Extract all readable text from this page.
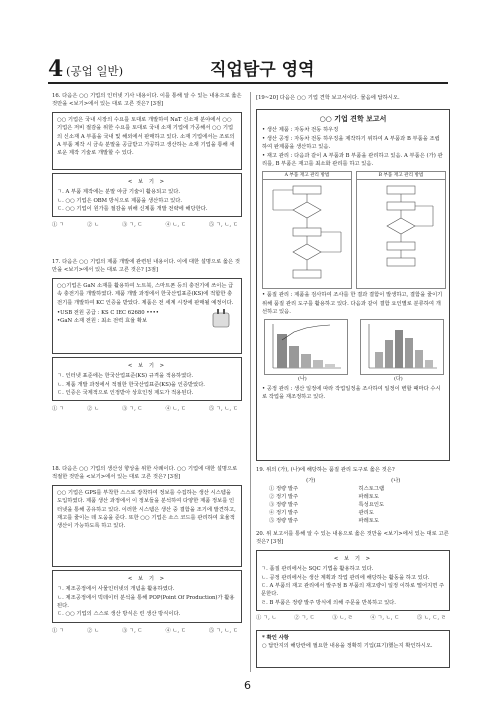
4 (공업 일반)	직업탐구 영역
16. 다음은 ○○ 기업의 인터넷 기사 내용이다. 이를 통해 알 수 있는 내용으로 옳은 것만을 <보기>에서 있는 대로 고른 것은? [3점]
○○ 기업은 국내 시장의 수요를 토대로 개발하여 NaT 신소재 분야에서 ○○ 기업은 저비 절감을 위한 수요를 토대로 국내 소재 기업에 가공해서 ○○ 기업의 신소재 A 부품을 국내 및 해외에서 판매하고 있다. 소재 기업에서는 조로의 A 부품 제작 시 금속 분말을 공급받고 가공하고 생산하는 소재 기업을 통해 새로운 제작 기술로 개발할 수 있다.
< 보 기 >
ㄱ. A 부품 제작에는 분말 야금 기술이 활용되고 있다.
ㄴ. ○○ 기업은 OBM 방식으로 제품을 생산하고 있다.
ㄷ. ○○ 기업이 원가를 절감을 위해 신제품 개발 전략에 해당한다.
① ㄱ	② ㄴ	③ ㄱ, ㄷ	④ ㄴ, ㄷ	⑤ ㄱ, ㄴ, ㄷ
17. 다음은 ○○ 기업의 제품 개발에 관련된 내용이다. 이에 대한 설명으로 옳은 것만을 <보기>에서 있는 대로 고른 것은? [3점]
○○기업은 GaN 소재를 활용하여 노트북, 스마트폰 등의 충전기에 쓰이는 급속 충전기를 개발하였다. 제품 개발 과정에서 한국산업표준(KS)에 적합한 충전기를 개발하여 KC 인증을 받았다. 제품은 전 세계 시장에 판매될 예정이다.
•USB 전원 공급 : KS C IEC 62680 ••••
•GaN 소재 전원 : 최소 전력 효율 확보
< 보 기 >
ㄱ. 인터넷 표준에는 한국산업표준(KS) 규격을 적용하였다.
ㄴ. 제품 개발 과정에서 적절한 한국산업표준(KS)을 인증받았다.
ㄷ. 인증은 국제적으로 인정받아 상호인정 제도가 적용된다.
① ㄱ	② ㄴ	③ ㄱ, ㄷ	④ ㄴ, ㄷ	⑤ ㄱ, ㄴ, ㄷ
18. 다음은 ○○ 기업의 생산성 향상을 위한 사례이다. ○○ 기업에 대한 설명으로 적절한 것만을 <보기>에서 있는 대로 고른 것은? [3점]
○○ 기업은 GPS를 부착한 스스로 장착하여 정보를 수집하는 생산 시스템을 도입하였다. 제품 생산 과정에서 이 정보들을 분석하여 다양한 제품 정보를 인터넷을 통해 공유하고 있다. 이러한 시스템은 생산 중 결함을 조기에 발견하고, 재고를 줄이는 데 도움을 준다. 또한 ○○ 기업은 소스 코드를 관리하여 효율적 생산이 가능하도록 하고 있다.
< 보 기 >
ㄱ. 제조공정에서 사물인터넷의 개념을 활용하였다.
ㄴ. 제조공정에서 빅데이터 분석을 통해 POP(Point Of Production)가 활용된다.
ㄷ. ○○ 기업의 스스로 생산 방식은 린 생산 방식이다.
① ㄱ	② ㄴ	③ ㄱ, ㄷ	④ ㄴ, ㄷ	⑤ ㄱ, ㄴ, ㄷ
[19~20] 다음은 ○○ 기업 견학 보고서이다. 물음에 답하시오.
○○ 기업 견학 보고서
• 생산 제품 : 자동차 전동 하우징
• 생산 공정 : 자동차 전동 하우징을 제작하기 위하여 A 부품과 B 부품을 조립하여 완제품을 생산하고 있음.
• 재고 관리 : 다음과 같이 A 부품과 B 부품을 관리하고 있음. A 부품은 (가) 관리를, B 부품은 재고를 최소화 관리를 하고 있음.
A 부품 재고 관리 방법	B 부품 재고 관리 방법
• 품질 관리 : 제품을 검사하여 조사를 한 결과 결함이 발생하고, 결함을 줄이기 위해 품질 관리 도구를 활용하고 있다. 다음과 같이 결함 요인별로 분류하여 개선하고 있음.
(나)	(다)
• 공정 관리 : 생산 일정에 따라 작업일정을 조사하여 일정이 변할 때마다 수시로 작업을 재조정하고 있다.
19. 위의 (가), (나)에 해당하는 품질 관리 도구로 옳은 것은?
(가)	(나)
① 정량 발주	히스토그램
② 정기 발주	파레토도
③ 정량 발주	특성요인도
④ 정기 발주	관리도
⑤ 정량 발주	파레토도
20. 위 보고서를 통해 알 수 있는 내용으로 옳은 것만을 <보기>에서 있는 대로 고른 것은? [3점]
< 보 기 >
ㄱ. 품질 관리에서는 SQC 기법을 활용하고 있다.
ㄴ. 공정 관리에서는 생산 계획과 작업 관리에 해당하는 활동을 하고 있다.
ㄷ. A 부품의 재고 관리에서 발주점 B 부품의 재고량이 일정 이하로 떨어지면 주문한다.
ㄹ. B 부품은 정량 발주 방식에 의해 주문을 반복하고 있다.
① ㄱ, ㄴ	② ㄱ, ㄷ	③ ㄴ, ㄹ	④ ㄱ, ㄴ, ㄷ	⑤ ㄴ, ㄷ, ㄹ
* 확인 사항
○ 답안지의 해당란에 필요한 내용을 정확히 기입(표기)했는지 확인하시오.
6
